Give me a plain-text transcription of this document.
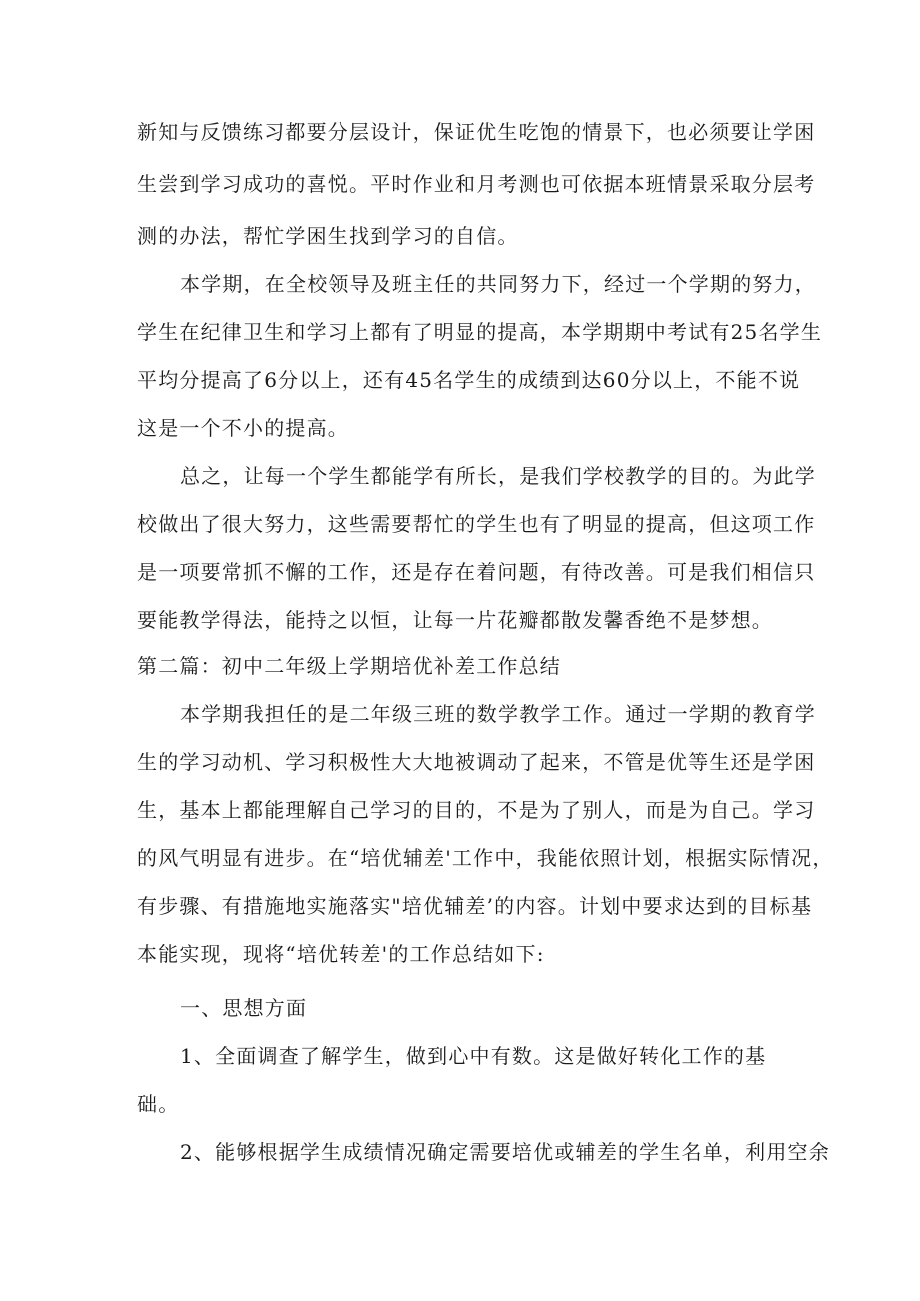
新知与反馈练习都要分层设计，保证优生吃饱的情景下，也必须要让学困
生尝到学习成功的喜悦。平时作业和月考测也可依据本班情景采取分层考
测的办法，帮忙学困生找到学习的自信。
本学期，在全校领导及班主任的共同努力下，经过一个学期的努力，
学生在纪律卫生和学习上都有了明显的提高，本学期期中考试有25名学生
平均分提高了6分以上，还有45名学生的成绩到达60分以上，不能不说
这是一个不小的提高。
总之，让每一个学生都能学有所长，是我们学校教学的目的。为此学
校做出了很大努力，这些需要帮忙的学生也有了明显的提高，但这项工作
是一项要常抓不懈的工作，还是存在着问题，有待改善。可是我们相信只
要能教学得法，能持之以恒，让每一片花瓣都散发馨香绝不是梦想。
第二篇：初中二年级上学期培优补差工作总结
本学期我担任的是二年级三班的数学教学工作。通过一学期的教育学
生的学习动机、学习积极性大大地被调动了起来，不管是优等生还是学困
生，基本上都能理解自己学习的目的，不是为了别人，而是为自己。学习
的风气明显有进步。在“培优辅差'工作中，我能依照计划，根据实际情况，
有步骤、有措施地实施落实"培优辅差’的内容。计划中要求达到的目标基
本能实现，现将“培优转差'的工作总结如下:
一、思想方面
1、全面调查了解学生，做到心中有数。这是做好转化工作的基
础。
2、能够根据学生成绩情况确定需要培优或辅差的学生名单，利用空余
